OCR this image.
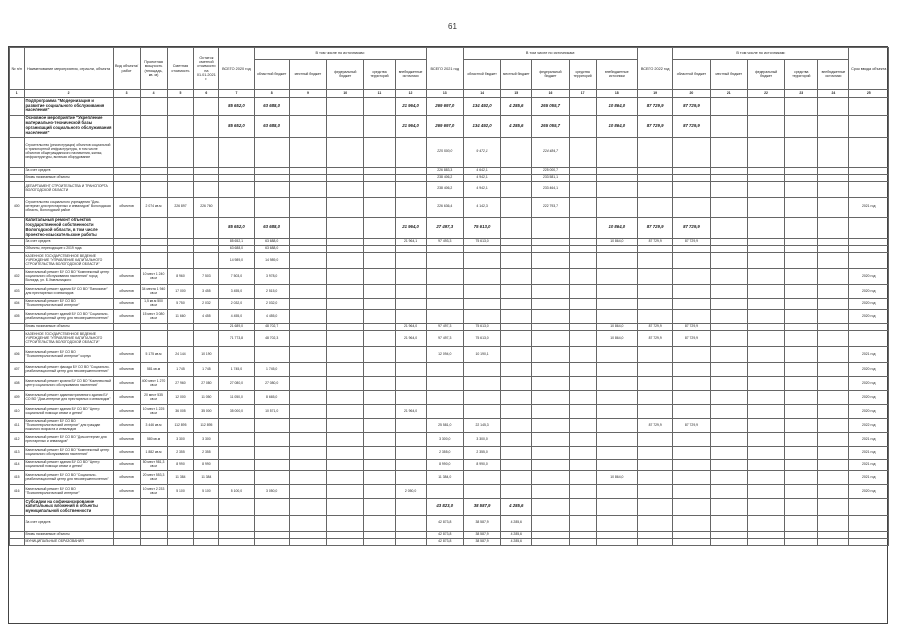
61
№ п/п	Наименование мероприятия, отрасли, объекта	Вид объекта/ работ	Проектная мощность (площадь, кв. м)	Сметная стоимость	Остаток сметной стоимости на 01.01.2021 г.	ВСЕГО 2020 год	В том числе по источникам:					ВСЕГО 2021 год	В том числе по источникам:					ВСЕГО 2022 год	В том числе по источникам:					Срок ввода объекта
							областной бюджет	местный бюджет	федеральный бюджет	средства территорий	внебюджетные источники		областной бюджет	местный бюджет	федеральный бюджет	средства территорий	внебюджетные источники		областной бюджет	местный бюджет	федеральный бюджет	средства территорий	внебюджетные источники	
1	2	3	4	5	6	7	8	9	10	11	12	13	14	15	16	17	18	19	20	21	22	23	24	25
	Подпрограмма "Модернизация и развитие социального обслуживания населения"					85 652,0	63 688,0				21 964,0	269 697,0	134 492,0	4 285,6	265 055,7		10 864,0	87 729,9	87 729,9					
	Основное мероприятие "Укрепление материально-технической базы организаций социального обслуживания населения"					85 652,0	63 688,0				21 964,0	269 697,0	134 492,0	4 285,6	265 055,7		10 864,0	87 729,9	87 729,9					
	Строительство (реконструкция) объектов социальной и транспортной инфраструктуры, в том числе объектов общегражданского назначения, жилья, инфраструктуры, включая оборудование											225 500,0	9 472,1		224 484,7									
	За счет средств											226 883,3	4 642,1		225 000,7									
	Вновь начинаемые объекты											238 406,2	4 942,1		233 581,1									
	ДЕПАРТАМЕНТ СТРОИТЕЛЬСТВА И ТРАНСПОРТА ВОЛОГОДСКОЙ ОБЛАСТИ											238 406,2	4 942,1		233 464,1									
400	Строительство социального учреждения "Дом-интернат для престарелых и инвалидов" Вологодская область, Вологодский район	объектов	2 074 кв.м	226 897	226 760							226 636,4	4 142,3		222 793,7									2021 год
	Капитальный ремонт объектов государственной собственности Вологодской области, в том числе проектно-изыскательские работы					85 652,0	63 688,0				21 964,0	27 497,3	75 613,0				10 864,0	87 729,9	87 729,9					
	За счет средств					85 652,1	63 688,0				21 964,1	97 493,3	75 613,0				10 864,0	87 729,9	87 729,9					
	Объекты, переходящие с 2019 года					63 688,0	63 688,0																	
	КАЗЕННОЕ ГОСУДАРСТВЕННОЕ ВЕДЕНИЕ УЧРЕЖДЕНИЕ "УПРАВЛЕНИЕ КАПИТАЛЬНОГО СТРОИТЕЛЬСТВА ВОЛОГОДСКОЙ ОБЛАСТИ"					14 989,0	14 989,0																	
402	Капитальный ремонт БУ СО ВО "Комплексный центр социального обслуживания населения" город Вологда, ул. Б.Хмельницкого	объектов	10 мест 1 240 кв.м	8 960	7 503	7 503,0	3 978,0																	2020 год
403	Капитальный ремонт здания БУ СО ВО "Пансионат" для престарелых и инвалидов	объектов	34 места 1 940 кв.м	17 000	3 455	3 455,0	2 515,0																	2020 год
404	Капитальный ремонт БУ СО ВО "Психоневрологический интернат"	объектов	1,5 кв.м 500 кв.м	5 750	2 032	2 032,0	2 032,0																	2020 год
405	Капитальный ремонт зданий БУ СО ВО "Социально-реабилитационный центр для несовершеннолетних"	объектов	15 мест 3 080 кв.м	11 660	4 455	4 455,0	4 455,0																	2020 год
	Вновь начинаемые объекты					21 689,0	48 702,7				21 964,0	97 497,3	75 613,0				10 864,0	87 729,9	87 729,9					
	КАЗЕННОЕ ГОСУДАРСТВЕННОЕ ВЕДЕНИЕ УЧРЕЖДЕНИЕ "УПРАВЛЕНИЕ КАПИТАЛЬНОГО СТРОИТЕЛЬСТВА ВОЛОГОДСКОЙ ОБЛАСТИ"					71 773,8	48 702,3				21 964,0	97 497,3	75 613,0				10 864,0	87 729,9	87 729,9					
406	Капитальный ремонт БУ СО ВО "Психоневрологический интернат" корпус	объектов	5 175 кв.м	24 144	10 190							12 094,0	10 190,1											2021 год
407	Капитальный ремонт фасада БУ СО ВО "Социально-реабилитационный центр для несовершеннолетних"	объектов	581 кв.м	1 745	1 745	1 745,0	1 745,0																	2020 год
408	Капитальный ремонт кровли БУ СО ВО "Комплексный центр социального обслуживания населения"	объектов	400 мест 1 270 кв.м	27 960	27 080	27 080,0	27 080,0																	2020 год
409	Капитальный ремонт административного здания БУ СО ВО "Дом-интернат для престарелых и инвалидов"	объектов	20 мест 535 кв.м	12 000	11 050	11 050,0	8 665,0																	2020 год
410	Капитальный ремонт здания БУ СО ВО "Центр социальной помощи семье и детям"	объектов	10 мест 1 225 кв.м	36 005	35 000	35 000,0	10 571,0				21 964,0													2020 год
411	Капитальный ремонт БУ СО ВО "Психоневрологический интернат" для граждан пожилого возраста и инвалидов	объектов	3 446 кв.м	112 895	112 895							25 581,0	22 145,3					87 729,9	87 729,9					2022 год
412	Капитальный ремонт БУ СО ВО "Дом-интернат для престарелых и инвалидов"	объектов	580 кв.м	3 300	3 300							3 300,0	3 300,0											2021 год
413	Капитальный ремонт БУ СО ВО "Комплексный центр социального обслуживания населения"	объектов	1 882 кв.м	2 355	2 355							2 355,0	2 355,0											2021 год
414	Капитальный ремонт здания БУ СО ВО "Центр социальной помощи семье и детям"	объектов	50 мест 981,3 кв.м	8 990	8 990							8 990,0	8 990,0											2021 год
415	Капитальный ремонт БУ СО ВО "Социально-реабилитационный центр для несовершеннолетних"	объектов	20 мест 553,3 кв.м	11 384	11 384							11 384,0					10 864,0							2021 год
416	Капитальный ремонт БУ СО ВО "Психоневрологический интернат"	объектов	10 мест 2 233 кв.м	5 100	5 100	5 100,0	3 050,0				2 050,0													2020 год
	Субсидии на софинансирование капитальных вложений в объекты муниципальной собственности											43 823,0	38 587,9	4 285,6										
	За счет средств											42 873,8	38 587,9	4 285,6										
	Вновь начинаемые объекты											42 873,8	38 587,9	4 285,6										
	МУНИЦИПАЛЬНЫЕ ОБРАЗОВАНИЯ											42 873,8	38 587,9	4 285,6										
